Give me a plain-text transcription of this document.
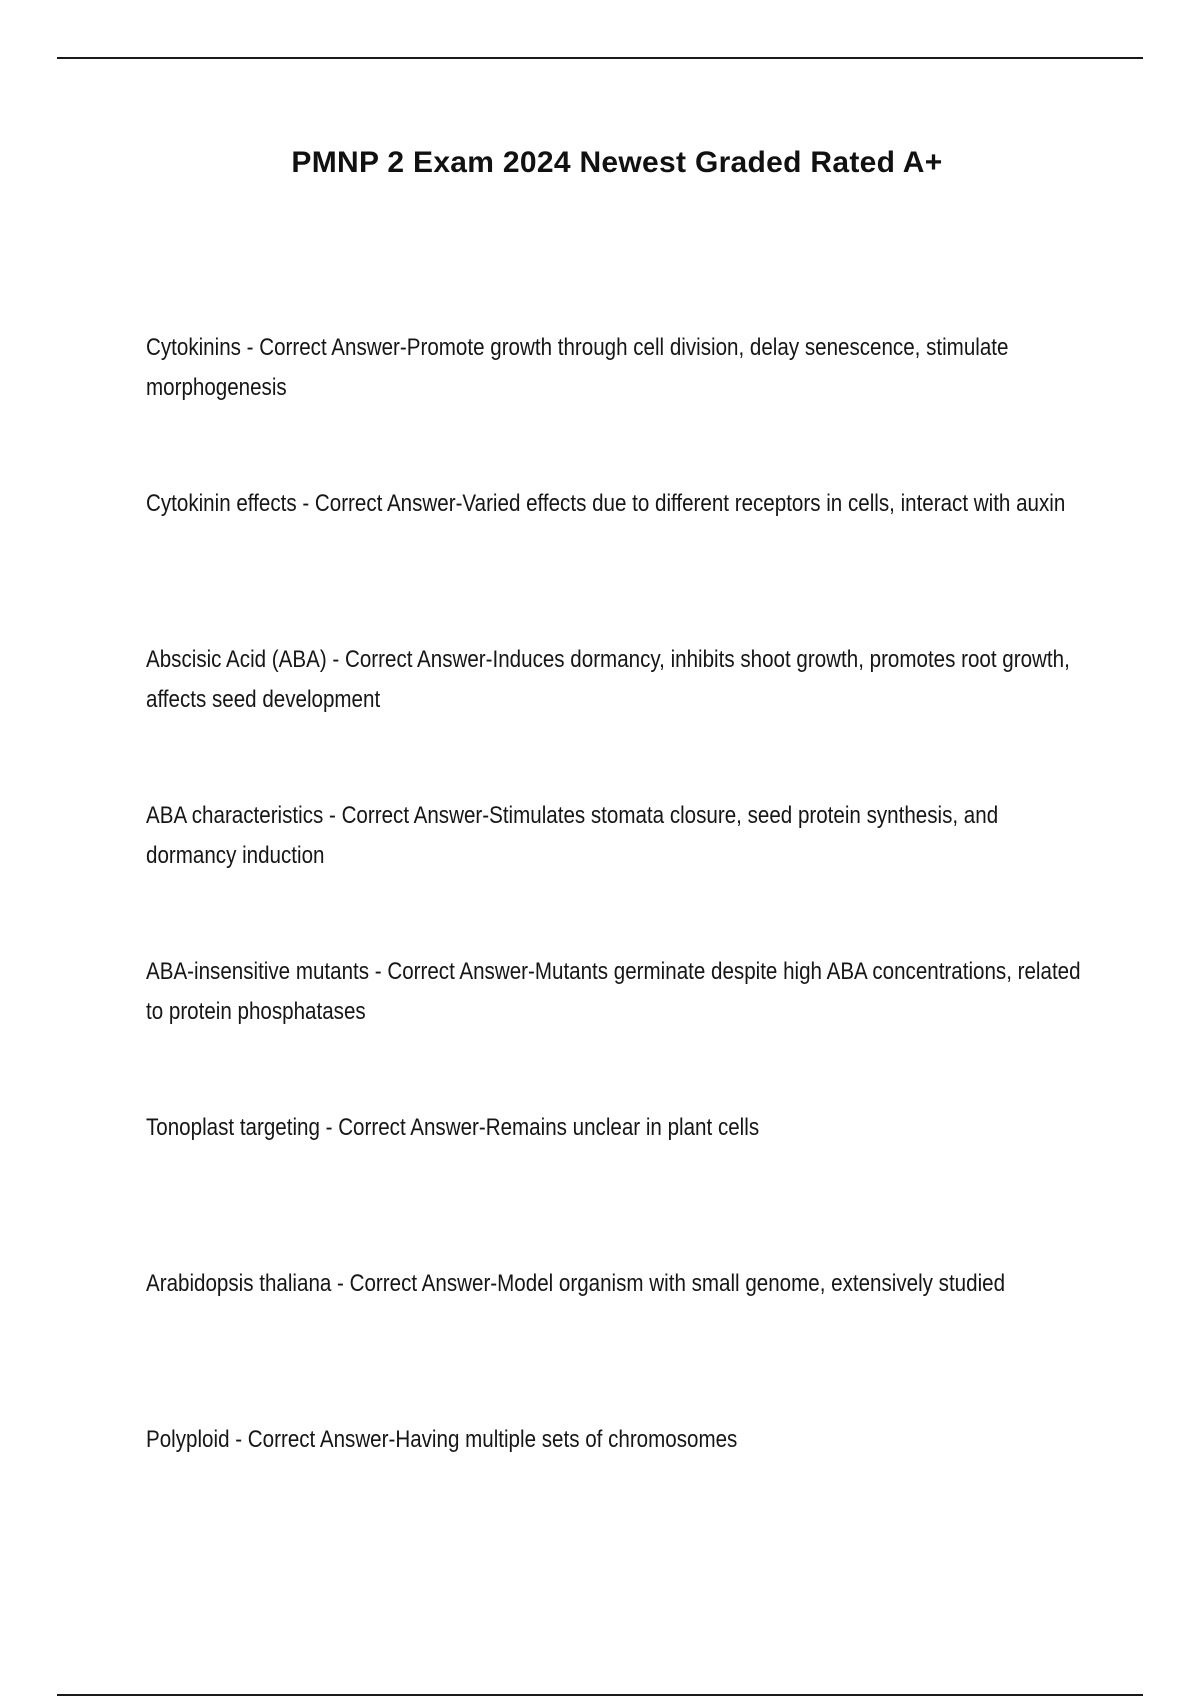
PMNP 2 Exam 2024 Newest Graded Rated A+
Cytokinins - Correct Answer-Promote growth through cell division, delay senescence, stimulate morphogenesis
Cytokinin effects - Correct Answer-Varied effects due to different receptors in cells, interact with auxin
Abscisic Acid (ABA) - Correct Answer-Induces dormancy, inhibits shoot growth, promotes root growth, affects seed development
ABA characteristics - Correct Answer-Stimulates stomata closure, seed protein synthesis, and dormancy induction
ABA-insensitive mutants - Correct Answer-Mutants germinate despite high ABA concentrations, related to protein phosphatases
Tonoplast targeting - Correct Answer-Remains unclear in plant cells
Arabidopsis thaliana - Correct Answer-Model organism with small genome, extensively studied
Polyploid - Correct Answer-Having multiple sets of chromosomes
